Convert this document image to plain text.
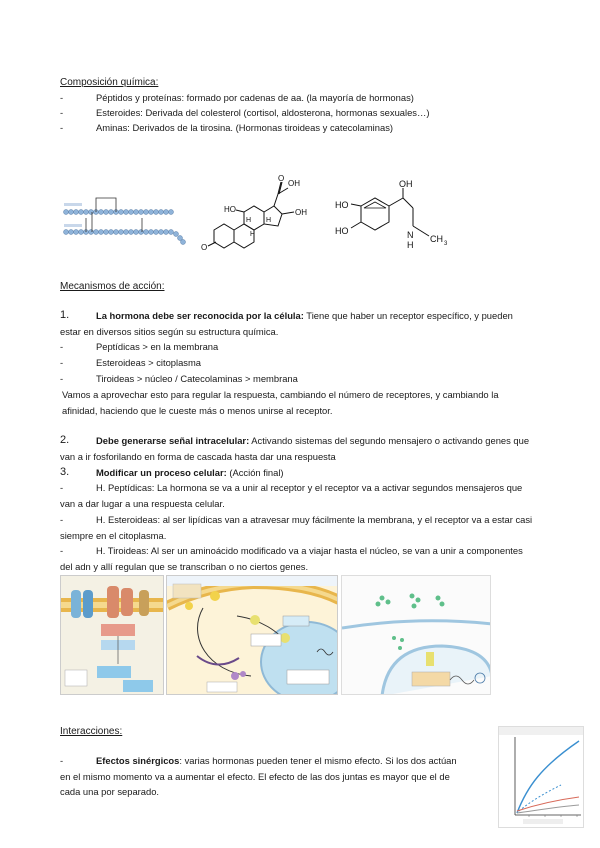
Composición química:
-	Péptidos y proteínas: formado por cadenas de aa. (la mayoría de hormonas)
-	Esteroides: Derivada del colesterol (cortisol, aldosterona, hormonas sexuales…)
-	Aminas: Derivados de la tirosina. (Hormonas tiroideas y catecolaminas)
OH
O
HO	OH
H
H
H
O
OH
HO
HO	N
H
CH 3
Mecanismos de acción:
1.	La hormona debe ser reconocida por la célula: Tiene que haber un receptor específico, y pueden
estar en diversos sitios según su estructura química.
-	Peptídicas > en la membrana
-	Esteroideas > citoplasma
-	Tiroideas > núcleo / Catecolaminas > membrana
Vamos a aprovechar esto para regular la respuesta, cambiando el número de receptores, y cambiando la
afinidad, haciendo que le cueste más o menos unirse al receptor.
2.	Debe generarse señal intracelular: Activando sistemas del segundo mensajero o activando genes que
van a ir fosforilando en forma de cascada hasta dar una respuesta
3.	Modificar un proceso celular: (Acción final)
-	H. Peptídicas: La hormona se va a unir al receptor y el receptor va a activar segundos mensajeros que
van a dar lugar a una respuesta celular.
-	H. Esteroideas: al ser lipídicas van a atravesar muy fácilmente la membrana, y el receptor va a estar casi
siempre en el citoplasma.
-	H. Tiroideas: Al ser un aminoácido modificado va a viajar hasta el núcleo, se van a unir a componentes
del adn y allí regulan que se transcriban o no ciertos genes.
Interacciones:
-	Efectos sinérgicos: varias hormonas pueden tener el mismo efecto. Si los dos actúan
en el mismo momento va a aumentar el efecto. El efecto de las dos juntas es mayor que el de
cada una por separado.
